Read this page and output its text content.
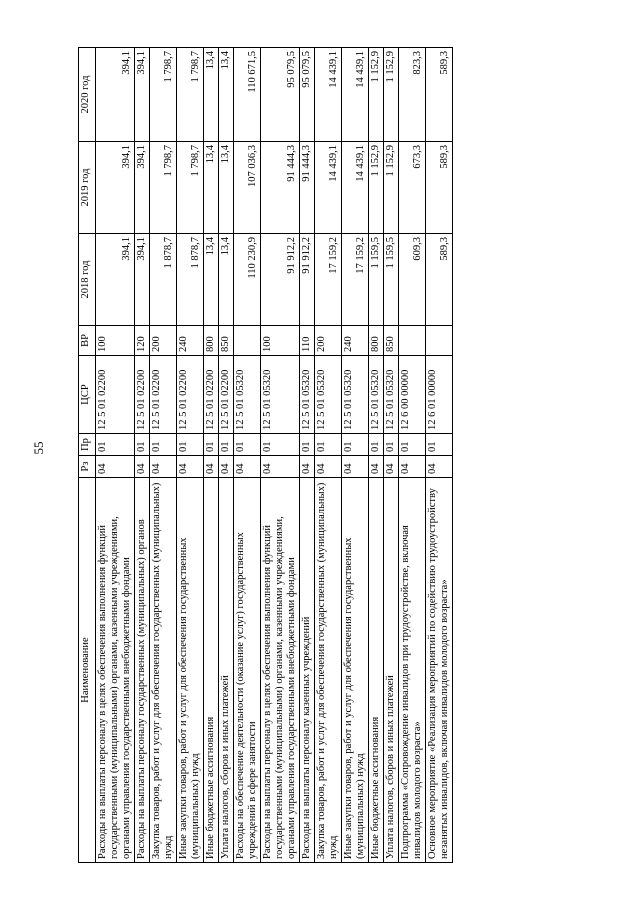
55
Наименование	Рз	Пр	ЦСР	ВР	2018 год	2019 год	2020 год
Расходы на выплаты персоналу в целях обеспечения выполнения функций государственными (муниципальными) органами, казенными учреждениями, органами управления государственными внебюджетными фондами	04	01	12 5 01 02200	100	394,1	394,1	394,1
Расходы на выплаты персоналу государственных (муниципальных) органов	04	01	12 5 01 02200	120	394,1	394,1	394,1
Закупка товаров, работ и услуг для обеспечения государственных (муниципальных) нужд	04	01	12 5 01 02200	200	1 878,7	1 798,7	1 798,7
Иные закупки товаров, работ и услуг для обеспечения государственных (муниципальных) нужд	04	01	12 5 01 02200	240	1 878,7	1 798,7	1 798,7
Иные бюджетные ассигнования	04	01	12 5 01 02200	800	13,4	13,4	13,4
Уплата налогов, сборов и иных платежей	04	01	12 5 01 02200	850	13,4	13,4	13,4
Расходы на обеспечение деятельности (оказание услуг) государственных учреждений в сфере занятости	04	01	12 5 01 05320		110 230,9	107 036,3	110 671,5
Расходы на выплаты персоналу в целях обеспечения выполнения функций государственными (муниципальными) органами, казенными учреждениями, органами управления государственными внебюджетными фондами	04	01	12 5 01 05320	100	91 912,2	91 444,3	95 079,5
Расходы на выплаты персоналу казенных учреждений	04	01	12 5 01 05320	110	91 912,2	91 444,3	95 079,5
Закупка товаров, работ и услуг для обеспечения государственных (муниципальных) нужд	04	01	12 5 01 05320	200	17 159,2	14 439,1	14 439,1
Иные закупки товаров, работ и услуг для обеспечения государственных (муниципальных) нужд	04	01	12 5 01 05320	240	17 159,2	14 439,1	14 439,1
Иные бюджетные ассигнования	04	01	12 5 01 05320	800	1 159,5	1 152,9	1 152,9
Уплата налогов, сборов и иных платежей	04	01	12 5 01 05320	850	1 159,5	1 152,9	1 152,9
Подпрограмма «Сопровождение инвалидов при трудоустройстве, включая инвалидов молодого возраста»	04	01	12 6 00 00000		609,3	673,3	823,3
Основное мероприятие «Реализация мероприятий по содействию трудоустройству незанятых инвалидов, включая инвалидов молодого возраста»	04	01	12 6 01 00000		589,3	589,3	589,3
